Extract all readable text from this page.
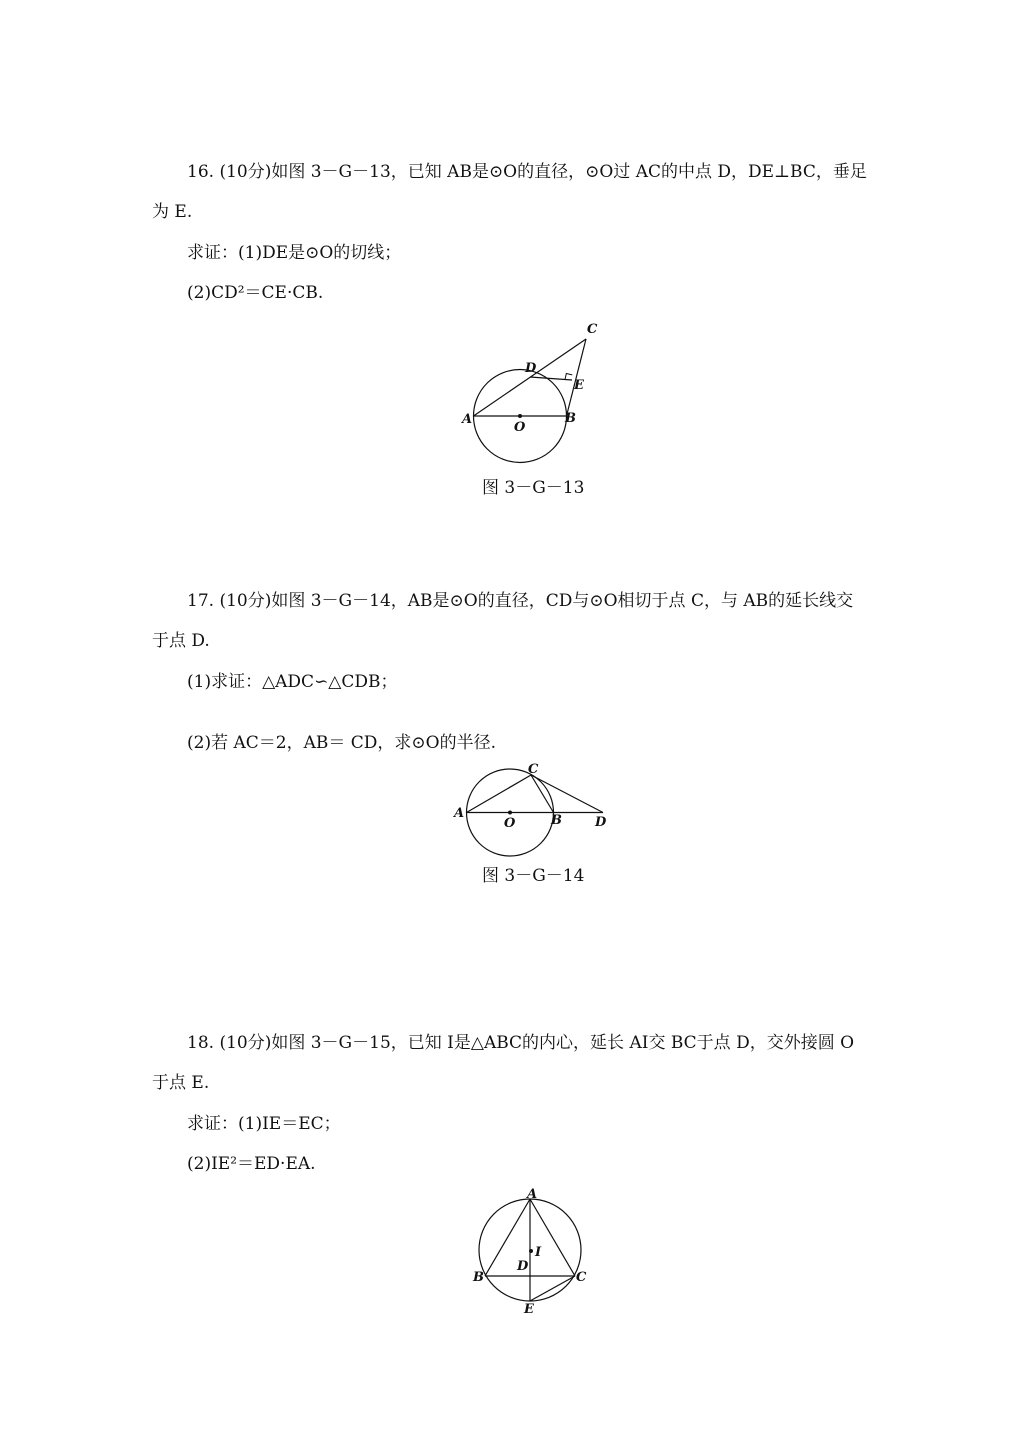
16. (10分)如图 3－G－13，已知 AB是⊙O的直径，⊙O过 AC的中点 D，DE⊥BC，垂足
为 E.
求证：(1)DE是⊙O的切线；
(2)CD²＝CE·CB.
A
O
B
C
D
E
图 3－G－13
17. (10分)如图 3－G－14，AB是⊙O的直径，CD与⊙O相切于点 C，与 AB的延长线交
于点 D.
(1)求证：△ADC∽△CDB；
(2)若 AC＝2，AB＝ CD，求⊙O的半径.
A
O	B
C
D
图 3－G－14
18. (10分)如图 3－G－15，已知 I是△ABC的内心，延长 AI交 BC于点 D，交外接圆 O
于点 E.
求证：(1)IE＝EC；
(2)IE²＝ED·EA.
A
I
D
B	C
E
